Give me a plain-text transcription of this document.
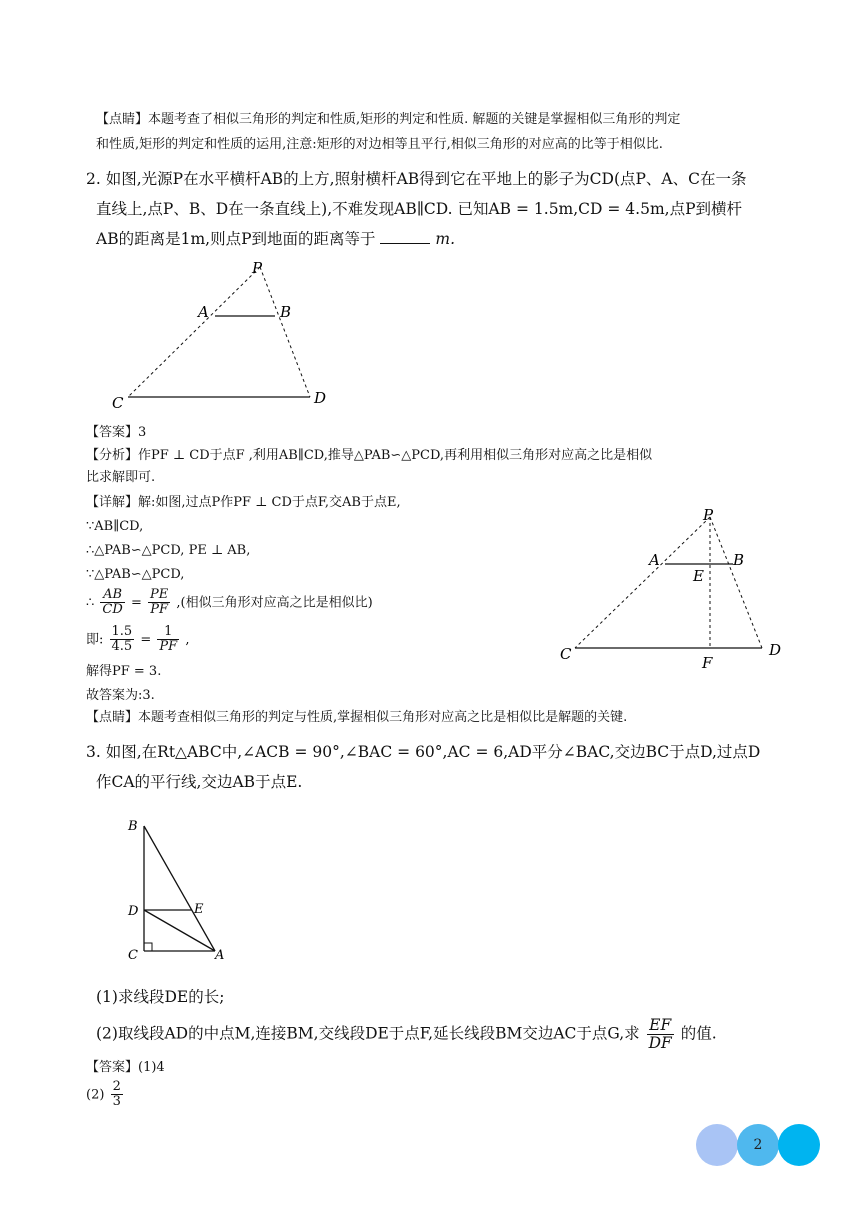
【点睛】本题考查了相似三角形的判定和性质,矩形的判定和性质. 解题的关键是掌握相似三角形的判定
和性质,矩形的判定和性质的运用,注意:矩形的对边相等且平行,相似三角形的对应高的比等于相似比.
2. 如图,光源P在水平横杆AB的上方,照射横杆AB得到它在平地上的影子为CD(点P、A、C在一条
直线上,点P、B、D在一条直线上),不难发现AB∥CD. 已知AB = 1.5m,CD = 4.5m,点P到横杆
AB的距离是1m,则点P到地面的距离等于	m.
P
A	B
C	D
【答案】3
【分析】作PF ⊥ CD于点F ,利用AB∥CD,推导△PAB∽△PCD,再利用相似三角形对应高之比是相似
比求解即可.
【详解】解:如图,过点P作PF ⊥ CD于点F,交AB于点E,
∵AB∥CD,
∴△PAB∽△PCD, PE ⊥ AB,
∵△PAB∽△PCD,
∴ $\frac{AB}{CD} = \frac{PE}{PF}$ ,(相似三角形对应高之比是相似比)
即: $\frac{1.5}{4.5} = \frac{1}{PF}$ ,
解得PF = 3.
故答案为:3.
【点睛】本题考查相似三角形的判定与性质,掌握相似三角形对应高之比是相似比是解题的关键.
P
A	B
E
C	F
D
3. 如图,在Rt△ABC中,∠ACB = 90°,∠BAC = 60°,AC = 6,AD平分∠BAC,交边BC于点D,过点D
作CA的平行线,交边AB于点E.
B
D	E
C	A
(1)求线段DE的长;
(2)取线段AD的中点M,连接BM,交线段DE于点F,延长线段BM交边AC于点G,求 $\frac{EF}{DF}$ 的值.
【答案】(1)4
$(2) \frac{2}{3}$
2
